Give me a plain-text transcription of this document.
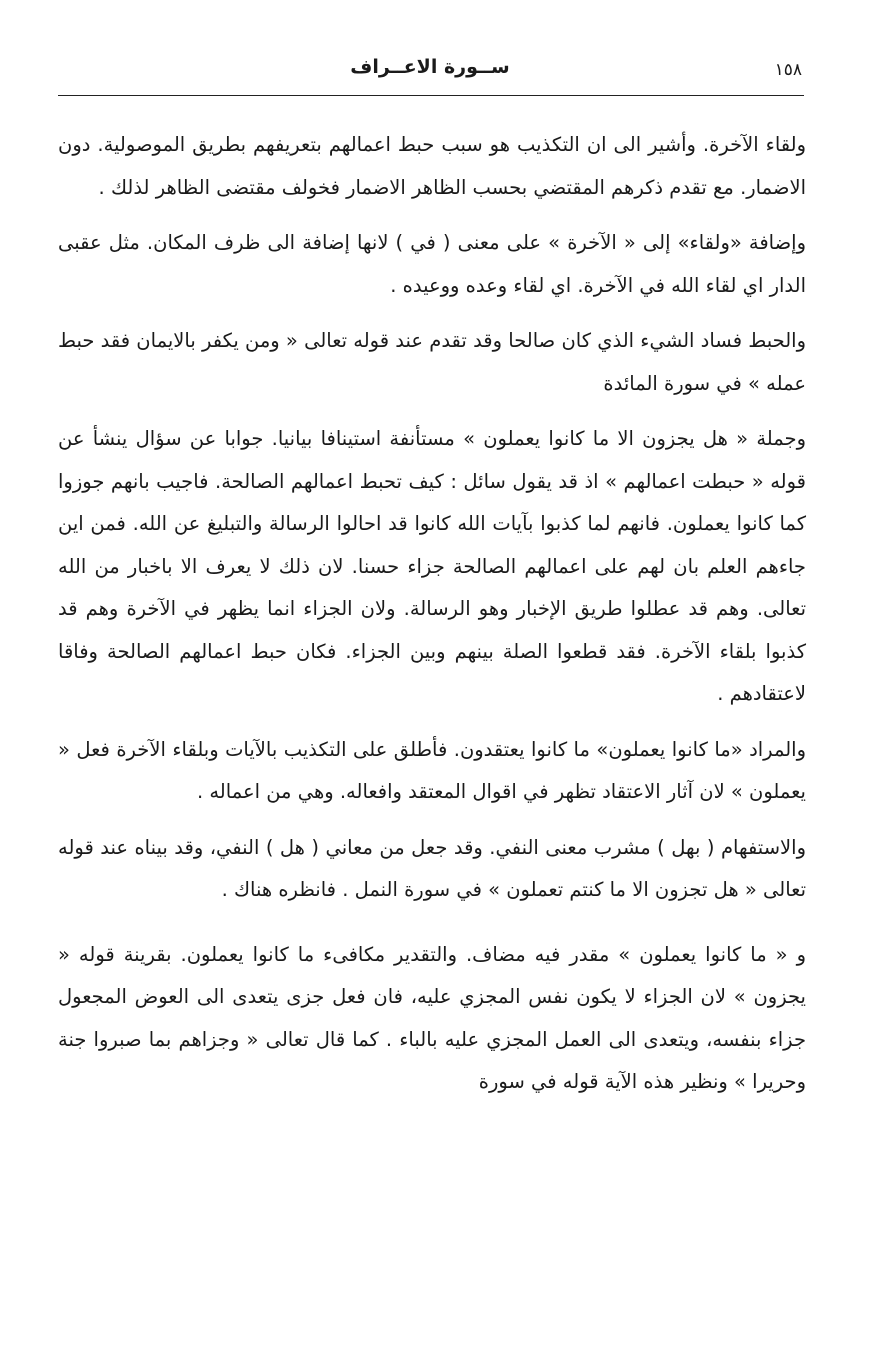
ســورة الاعــراف	١٥٨

ولقاء الآخرة. وأشير الى ان التكذيب هو سبب حبط اعمالهم بتعريفهم بطريق الموصولية. دون الاضمار. مع تقدم ذكرهم المقتضي بحسب الظاهر الاضمار فخولف مقتضى الظاهر لذلك .

وإضافة «ولقاء» إلى « الآخرة » على معنى ( في ) لانها إضافة الى ظرف المكان. مثل عقبى الدار اي لقاء الله في الآخرة. اي لقاء وعده ووعيده .

والحبط فساد الشيء الذي كان صالحا وقد تقدم عند قوله تعالى « ومن يكفر بالايمان فقد حبط عمله » في سورة المائدة

وجملة « هل يجزون الا ما كانوا يعملون » مستأنفة استينافا بيانيا. جوابا عن سؤال ينشأ عن قوله « حبطت اعمالهم » اذ قد يقول سائل : كيف تحبط اعمالهم الصالحة. فاجيب بانهم جوزوا كما كانوا يعملون. فانهم لما كذبوا بآيات الله كانوا قد احالوا الرسالة والتبليغ عن الله. فمن اين جاءهم العلم بان لهم على اعمالهم الصالحة جزاء حسنا. لان ذلك لا يعرف الا باخبار من الله تعالى. وهم قد عطلوا طريق الإخبار وهو الرسالة. ولان الجزاء انما يظهر في الآخرة وهم قد كذبوا بلقاء الآخرة. فقد قطعوا الصلة بينهم وبين الجزاء. فكان حبط اعمالهم الصالحة وفاقا لاعتقادهم .

والمراد «ما كانوا يعملون» ما كانوا يعتقدون. فأطلق على التكذيب بالآيات وبلقاء الآخرة فعل « يعملون » لان آثار الاعتقاد تظهر في اقوال المعتقد وافعاله. وهي من اعماله .

والاستفهام ( بهل ) مشرب معنى النفي. وقد جعل من معاني ( هل ) النفي، وقد بيناه عند قوله تعالى « هل تجزون الا ما كنتم تعملون » في سورة النمل . فانظره هناك .

و « ما كانوا يعملون » مقدر فيه مضاف. والتقدير مكافىء ما كانوا يعملون. بقرينة قوله « يجزون » لان الجزاء لا يكون نفس المجزي عليه، فان فعل جزى يتعدى الى العوض المجعول جزاء بنفسه، ويتعدى الى العمل المجزي عليه بالباء . كما قال تعالى « وجزاهم بما صبروا جنة وحريرا » ونظير هذه الآية قوله في سورة
